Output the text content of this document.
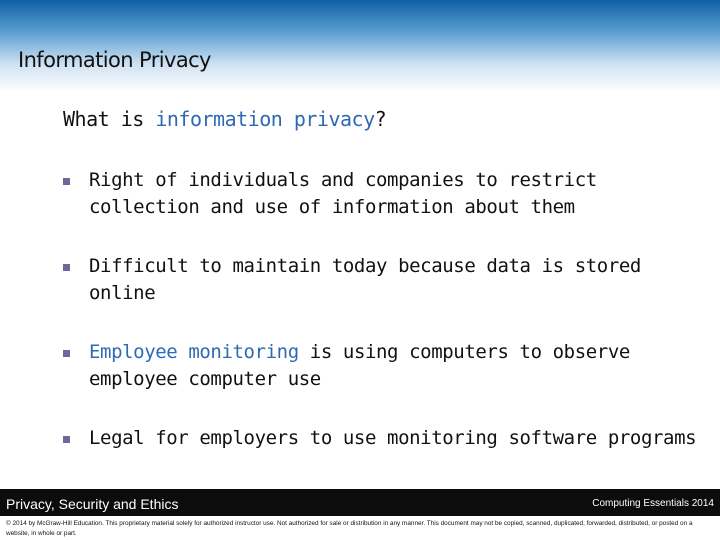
Information Privacy
What is information privacy?
Right of individuals and companies to restrict collection and use of information about them
Difficult to maintain today because data is stored online
Employee monitoring is using computers to observe employee computer use
Legal for employers to use monitoring software programs
Privacy, Security and Ethics	Computing Essentials 2014
© 2014 by McGraw-Hill Education. This proprietary material solely for authorized instructor use. Not authorized for sale or distribution in any manner. This document may not be copied, scanned, duplicated, forwarded, distributed, or posted on a website, in whole or part.
